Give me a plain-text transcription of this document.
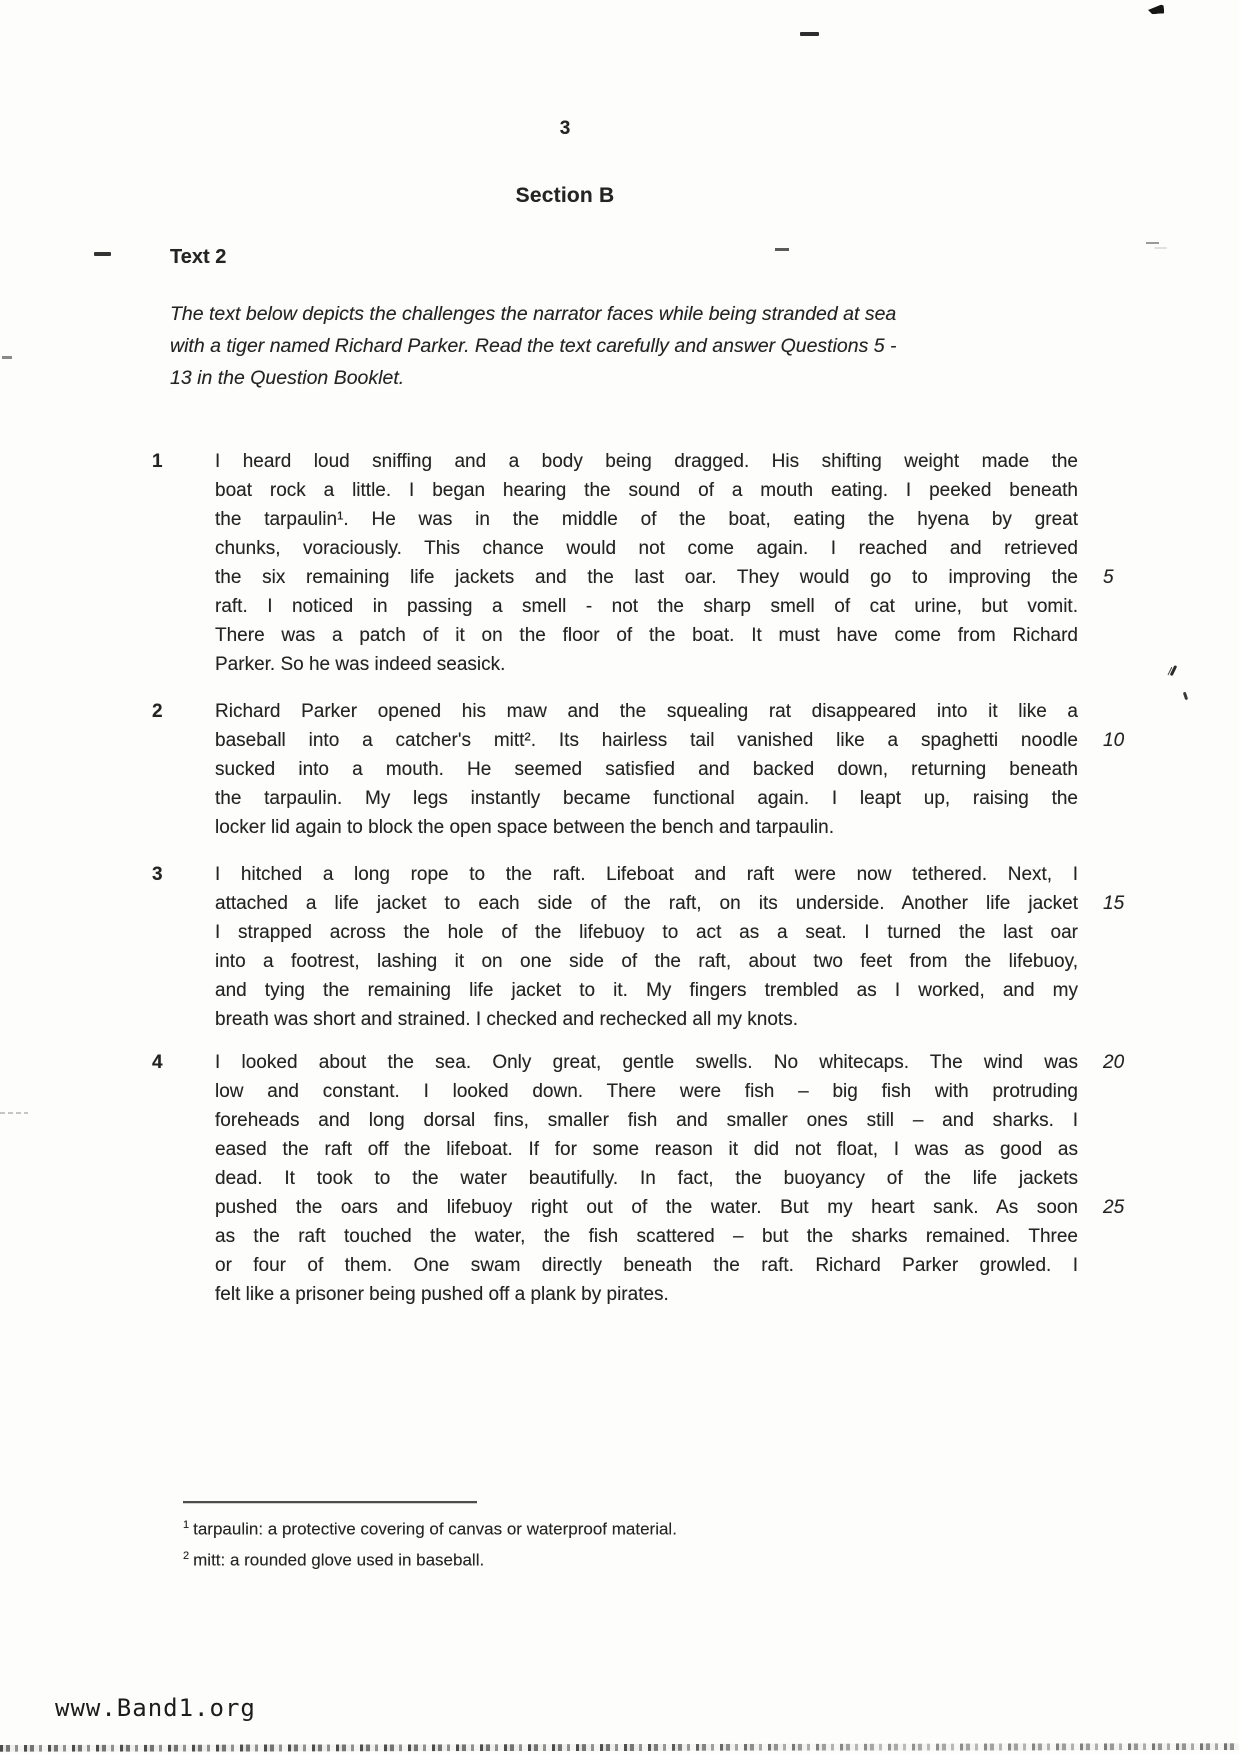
3
Section B
Text 2
The text below depicts the challenges the narrator faces while being stranded at sea
with a tiger named Richard Parker. Read the text carefully and answer Questions 5 -
13 in the Question Booklet.
1	I heard loud sniffing and a body being dragged. His shifting weight made the
boat rock a little. I began hearing the sound of a mouth eating. I peeked beneath
the tarpaulin¹. He was in the middle of the boat, eating the hyena by great
chunks, voraciously. This chance would not come again. I reached and retrieved
the six remaining life jackets and the last oar. They would go to improving the 5
raft. I noticed in passing a smell - not the sharp smell of cat urine, but vomit.
There was a patch of it on the floor of the boat. It must have come from Richard
Parker. So he was indeed seasick.
2	Richard Parker opened his maw and the squealing rat disappeared into it like a
baseball into a catcher's mitt². Its hairless tail vanished like a spaghetti noodle 10
sucked into a mouth. He seemed satisfied and backed down, returning beneath
the tarpaulin. My legs instantly became functional again. I leapt up, raising the
locker lid again to block the open space between the bench and tarpaulin.
3	I hitched a long rope to the raft. Lifeboat and raft were now tethered. Next, I
attached a life jacket to each side of the raft, on its underside. Another life jacket 15
I strapped across the hole of the lifebuoy to act as a seat. I turned the last oar
into a footrest, lashing it on one side of the raft, about two feet from the lifebuoy,
and tying the remaining life jacket to it. My fingers trembled as I worked, and my
breath was short and strained. I checked and rechecked all my knots.
4	I looked about the sea. Only great, gentle swells. No whitecaps. The wind was 20
low and constant. I looked down. There were fish – big fish with protruding
foreheads and long dorsal fins, smaller fish and smaller ones still – and sharks. I
eased the raft off the lifeboat. If for some reason it did not float, I was as good as
dead. It took to the water beautifully. In fact, the buoyancy of the life jackets
pushed the oars and lifebuoy right out of the water. But my heart sank. As soon 25
as the raft touched the water, the fish scattered – but the sharks remained. Three
or four of them. One swam directly beneath the raft. Richard Parker growled. I
felt like a prisoner being pushed off a plank by pirates.
$^1$ tarpaulin: a protective covering of canvas or waterproof material.
$^2$ mitt: a rounded glove used in baseball.
www.Band1.org
